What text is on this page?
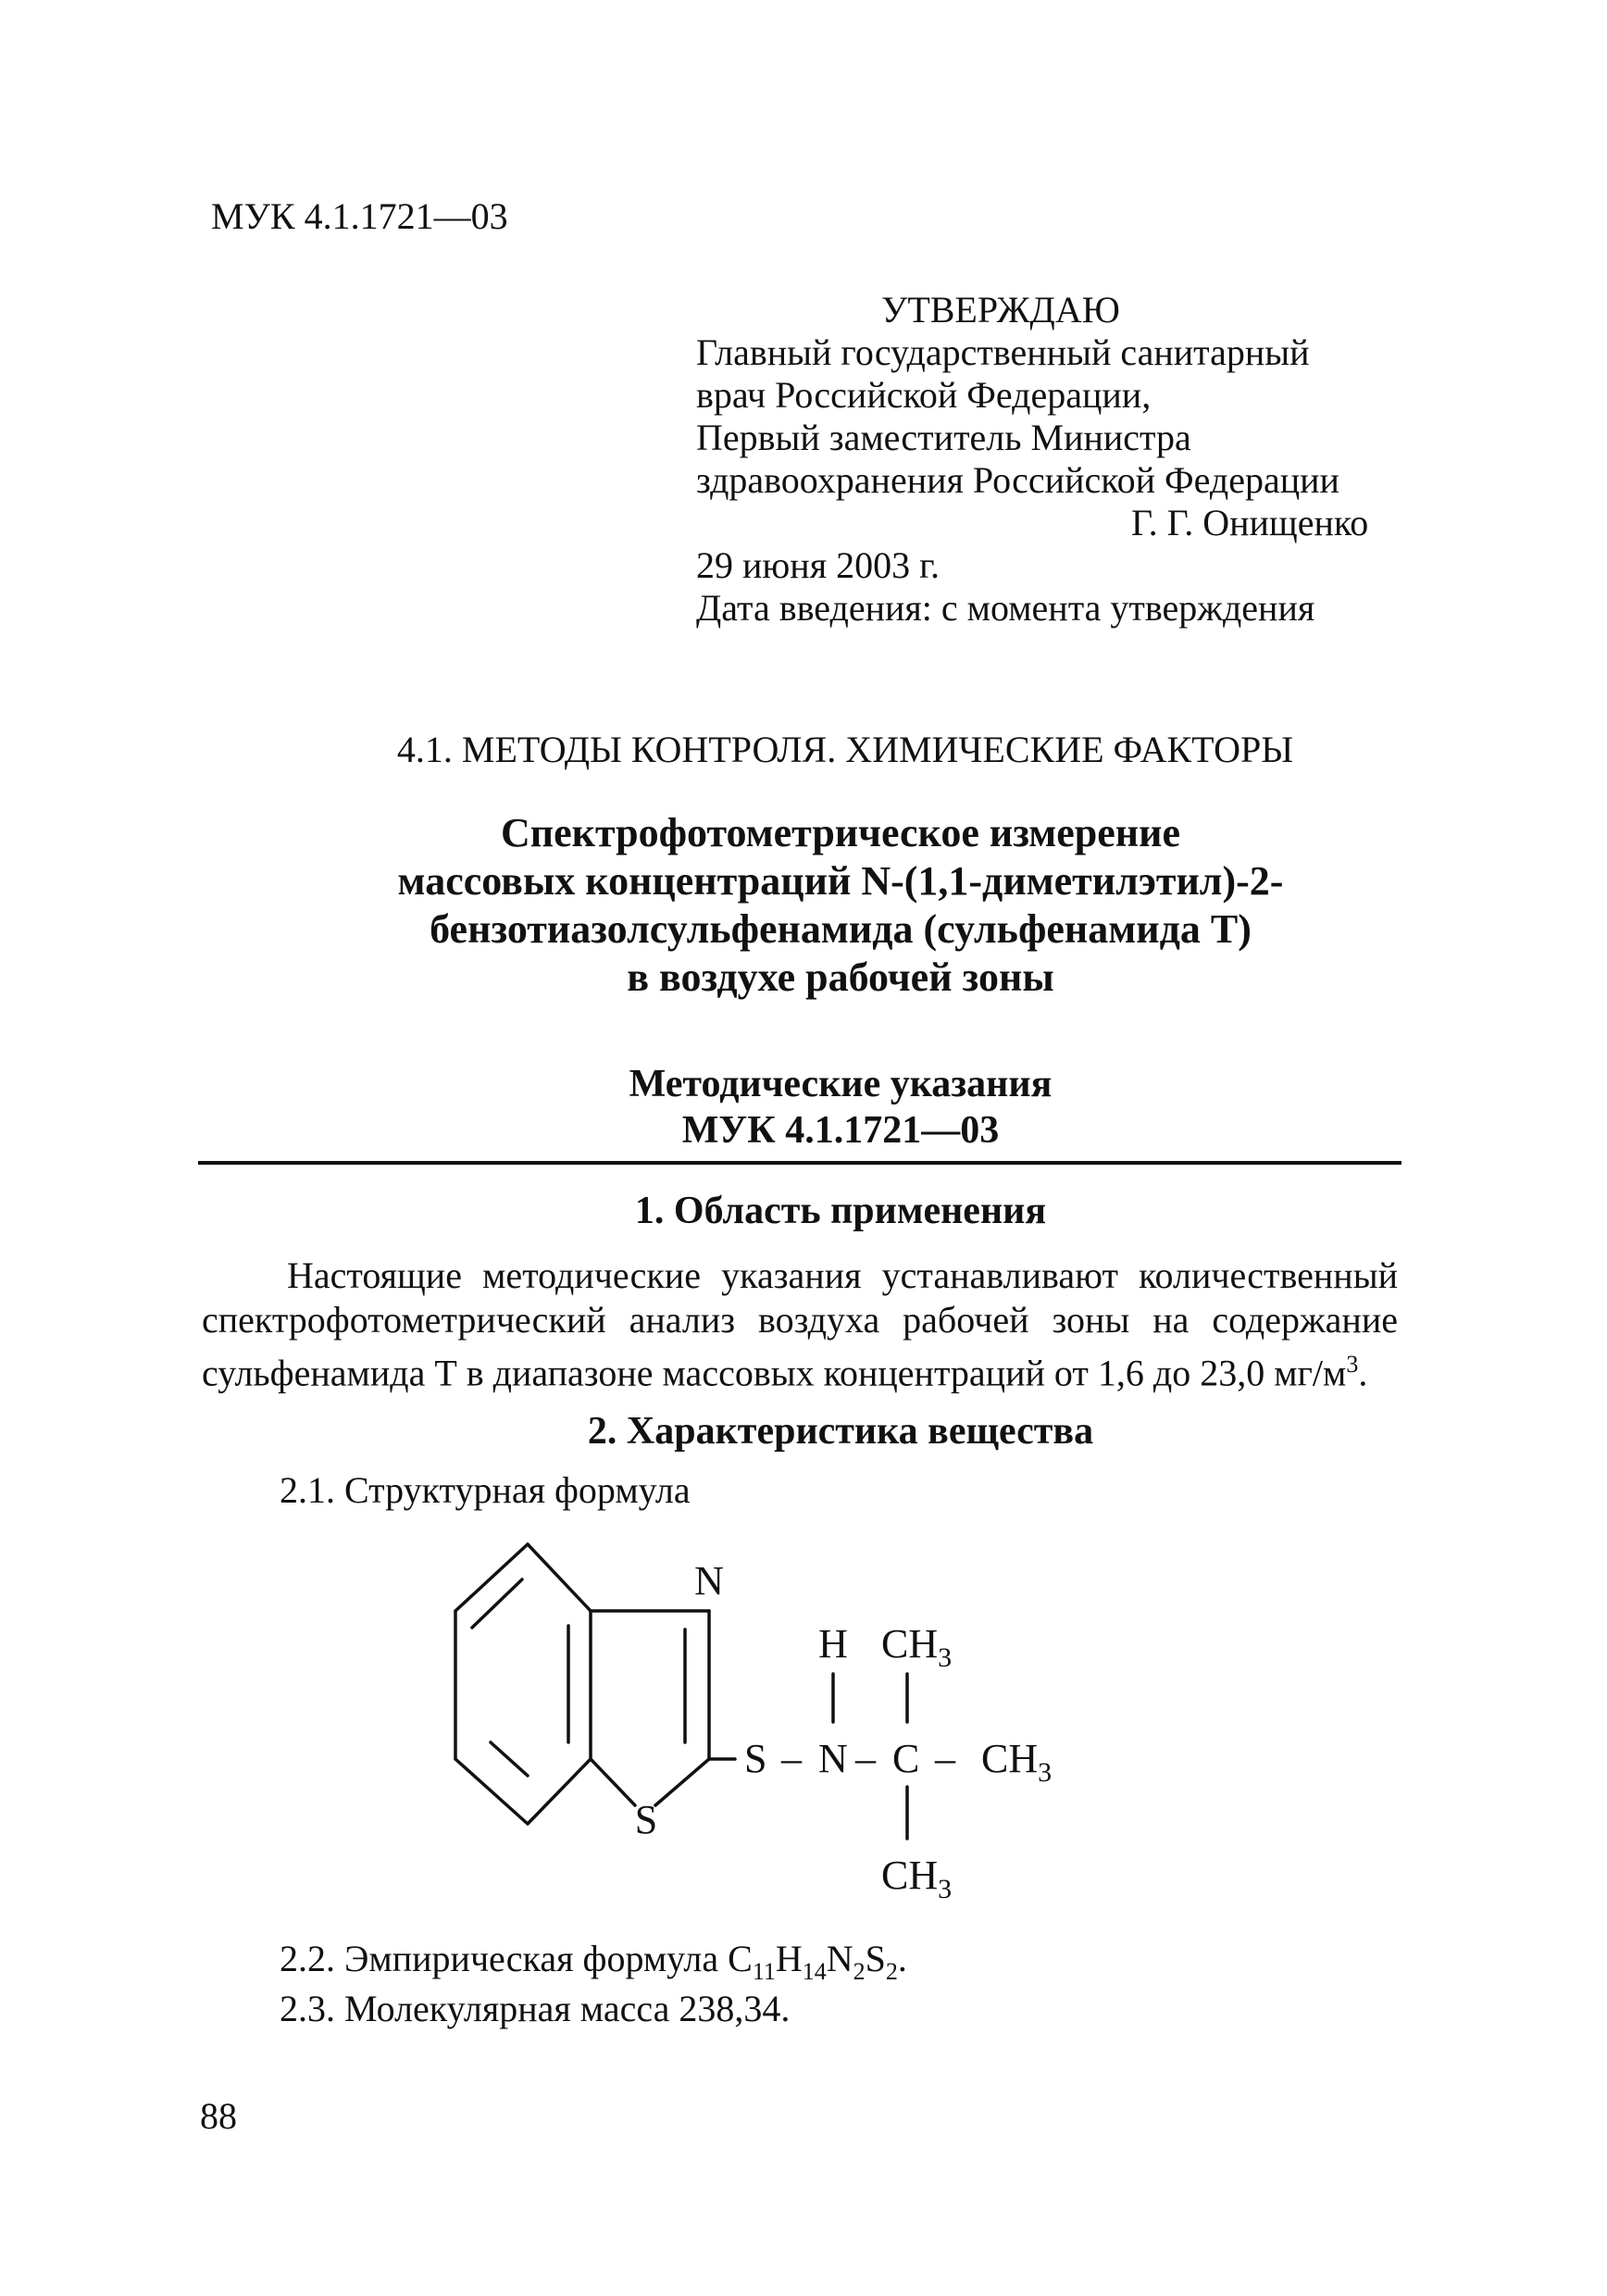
МУК 4.1.1721—03
УТВЕРЖДАЮ
Главный государственный санитарный
врач Российской Федерации,
Первый заместитель Министра
здравоохранения Российской Федерации
Г. Г. Онищенко
29 июня 2003 г.
Дата введения: с момента утверждения
4.1. МЕТОДЫ КОНТРОЛЯ. ХИМИЧЕСКИЕ ФАКТОРЫ
Спектрофотометрическое измерение
массовых концентраций N-(1,1-диметилэтил)-2-
бензотиазолсульфенамида (сульфенамида Т)
в воздухе рабочей зоны
Методические указания
МУК 4.1.1721—03
1. Область применения
Настоящие методические указания устанавливают количественный спектрофотометрический анализ воздуха рабочей зоны на содержание сульфенамида Т в диапазоне массовых концентраций от 1,6 до 23,0 $мг/м^3$.
2. Характеристика вещества
2.1. Структурная формула
N
S
H $CH_3$
S – N – C – $CH_3$
$CH_3$
2.2. Эмпирическая формула $C_{11}H_{14}N_2S_2$.
2.3. Молекулярная масса 238,34.
88
